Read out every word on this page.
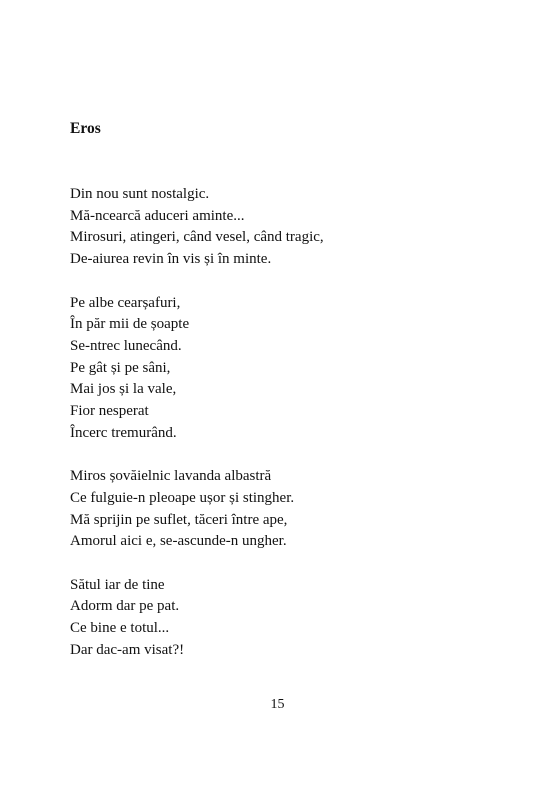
Eros
Din nou sunt nostalgic.
Mă-ncearcă aduceri aminte...
Mirosuri, atingeri, când vesel, când tragic,
De-aiurea revin în vis și în minte.
Pe albe cearșafuri,
În păr mii de șoapte
Se-ntrec lunecând.
Pe gât și pe sâni,
Mai jos și la vale,
Fior nesperat
Încerc tremurând.
Miros șovăielnic lavanda albastră
Ce fulguie-n pleoape ușor și stingher.
Mă sprijin pe suflet, tăceri între ape,
Amorul aici e, se-ascunde-n ungher.
Sătul iar de tine
Adorm dar pe pat.
Ce bine e totul...
Dar dac-am visat?!
15
